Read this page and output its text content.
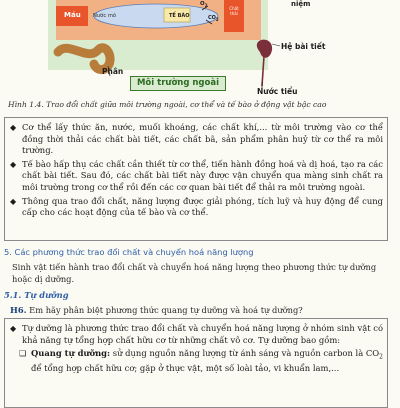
Máu Nước mô	TẾ BÀO
$O_2$
$CO_2$
Chất thải
niệm
Hệ bài tiết
Phân
Môi trường ngoài
Nước tiểu
Hình 1.4. Trao đổi chất giữa môi trường ngoài, cơ thể và tế bào ở động vật bậc cao
◆ Cơ thể lấy thức ăn, nước, muối khoáng, các chất khí,... từ môi trường vào cơ thể đồng thời thải các chất bài tiết, các chất bã, sản phẩm phân huỷ từ cơ thể ra môi trường.
◆ Tế bào hấp thụ các chất cần thiết từ cơ thể, tiến hành đồng hoá và dị hoá, tạo ra các chất bài tiết. Sau đó, các chất bài tiết này được vận chuyển qua màng sinh chất ra môi trường trong cơ thể rồi đến các cơ quan bài tiết để thải ra môi trường ngoài.
◆ Thông qua trao đổi chất, năng lượng được giải phóng, tích luỹ và huy động để cung cấp cho các hoạt động của tế bào và cơ thể.
5. Các phương thức trao đổi chất và chuyển hoá năng lượng
Sinh vật tiến hành trao đổi chất và chuyển hoá năng lượng theo phương thức tự dưỡng hoặc dị dưỡng.
5.1. Tự dưỡng
H6. Em hãy phân biệt phương thức quang tự dưỡng và hoá tự dưỡng?
◆ Tự dưỡng là phương thức trao đổi chất và chuyển hoá năng lượng ở nhóm sinh vật có khả năng tự tổng hợp chất hữu cơ từ những chất vô cơ. Tự dưỡng bao gồm:
❏ Quang tự dưỡng: sử dụng nguồn năng lượng từ ánh sáng và nguồn carbon là $CO_2$ để tổng hợp chất hữu cơ; gặp ở thực vật, một số loài tảo, vi khuẩn lam,...
